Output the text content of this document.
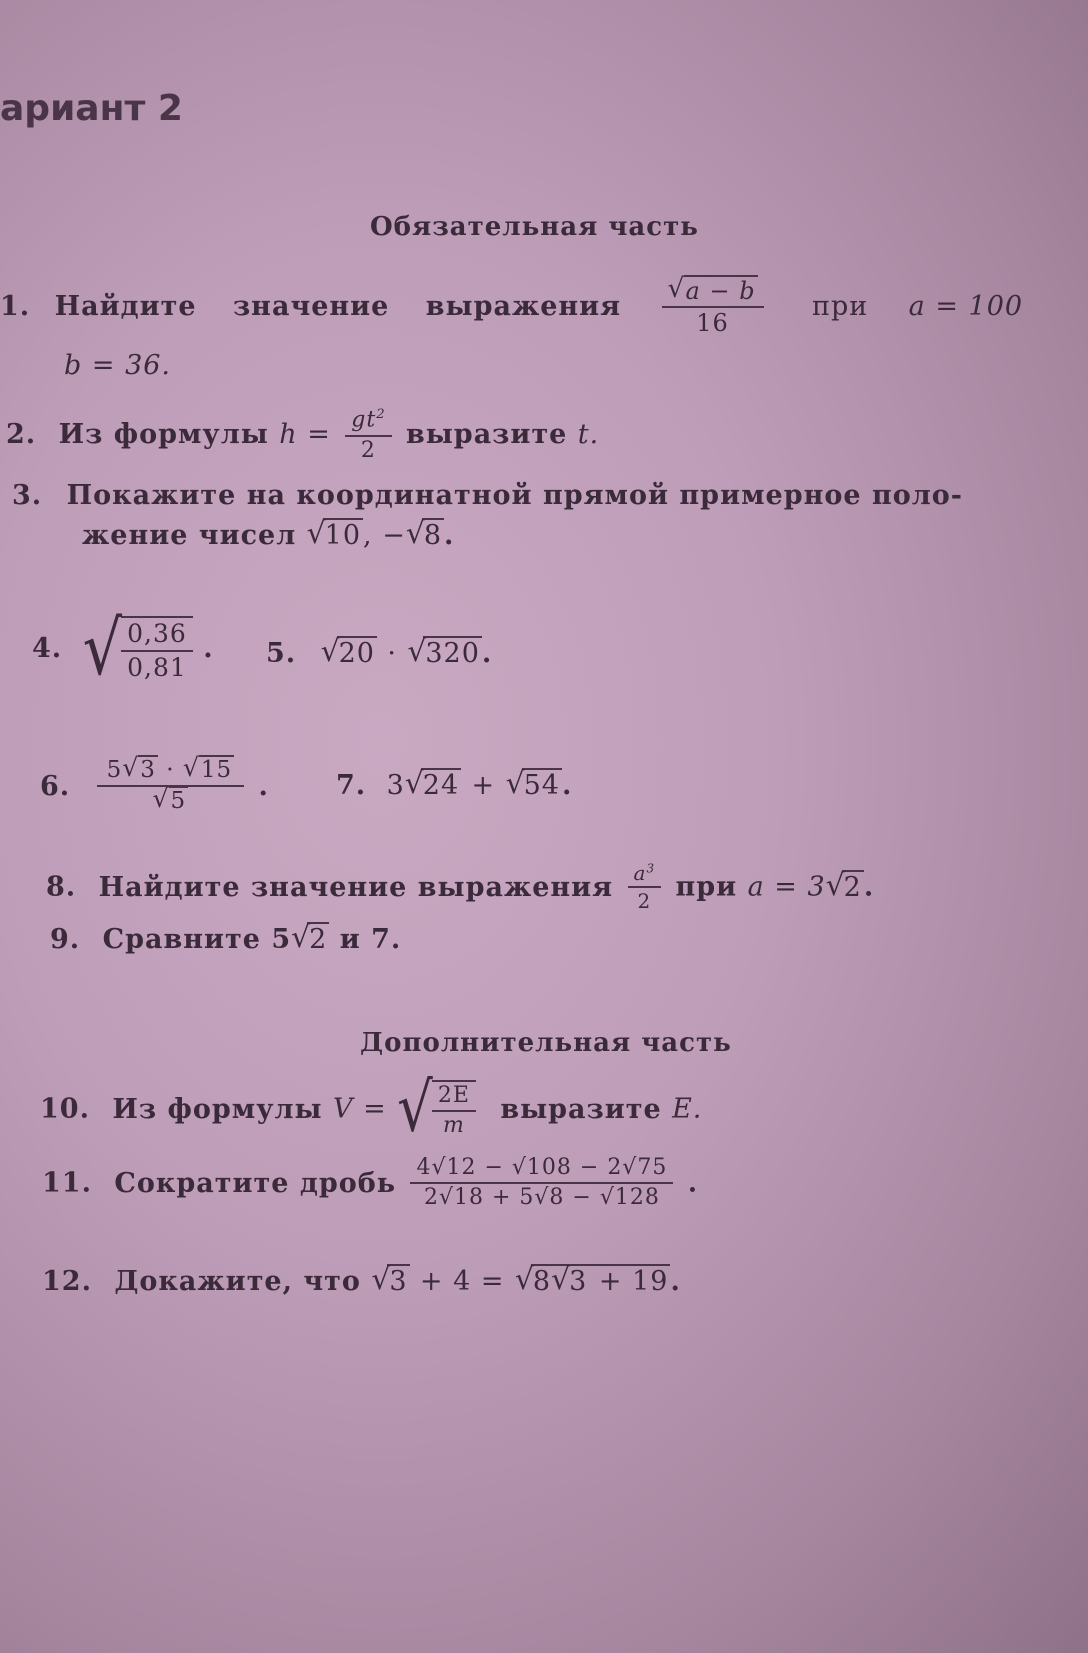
ариант 2
Обязательная часть
1. Найдите значение выражения √ $\frac{a - b}{16}$ при a = 100
b = 36.
2. Из формулы $h = \frac{gt^2}{2}$ выразите t.
3. Покажите на координатной прямой примерное поло-
жение чисел √ 10, − √ 8.
4. √
$\frac{0,36}{0,81}$ . 5. √ 20 · √ 320.
6. 5 √ 3 · √ 15
√ 5 . 7. 3 √ 24 + √ 54.
8. Найдите значение выражения $\frac{a^3}{2}$ при a = 3 √ 2.
9. Сравните 5 √ 2 и 7.
Дополнительная часть
10. Из формулы V = √
$\frac{2E}{m}$ выразите E.
11. Сократите дробь $\frac{4√12 - √108 - 2√75}{2√18 + 5√8 - √128}$ .
12. Докажите, что √ 3 + 4 = √ 8 √ 3 + 19.
